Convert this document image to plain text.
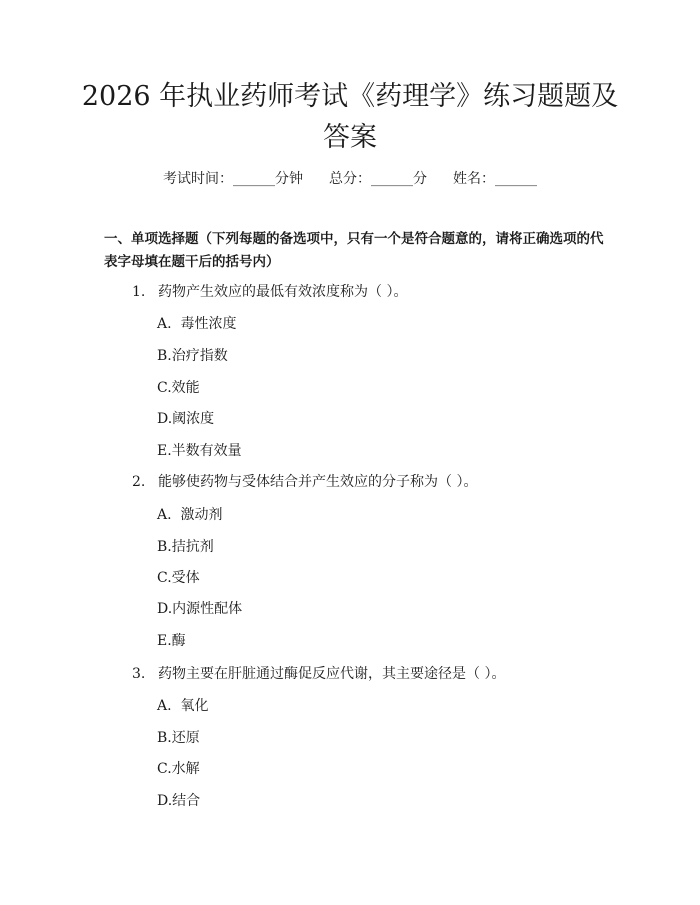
2026 年执业药师考试《药理学》练习题题及
答案
考试时间：______分钟 总分：______分 姓名：______
一、单项选择题（下列每题的备选项中，只有一个是符合题意的，请将正确选项的代表字母填在题干后的括号内）
1. 药物产生效应的最低有效浓度称为（ ）。
A.  毒性浓度
B.治疗指数
C.效能
D.阈浓度
E.半数有效量
2. 能够使药物与受体结合并产生效应的分子称为（ ）。
A.  激动剂
B.拮抗剂
C.受体
D.内源性配体
E.酶
3. 药物主要在肝脏通过酶促反应代谢，其主要途径是（ ）。
A.  氧化
B.还原
C.水解
D.结合
